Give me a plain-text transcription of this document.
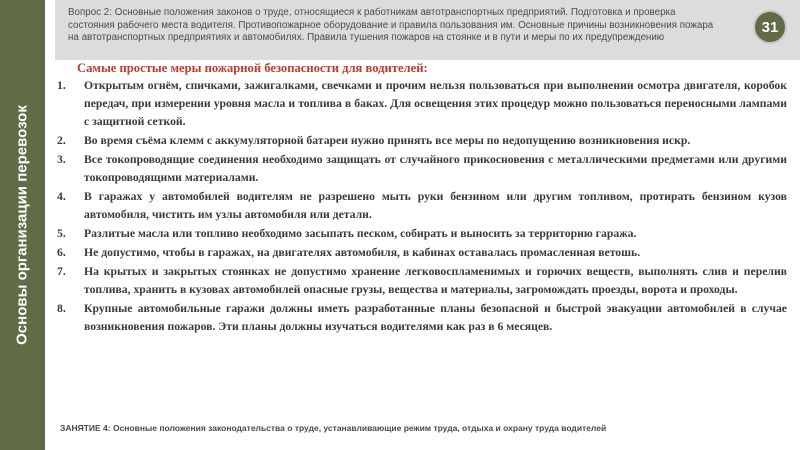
Основы организации перевозок
Вопрос 2: Основные положения законов о труде, относящиеся к работникам автотранспортных предприятий. Подготовка и проверка состояния рабочего места водителя. Противопожарное оборудование и правила пользования им. Основные причины возникновения пожара на автотранспортных предприятиях и автомобилях. Правила тушения пожаров на стоянке и в пути и меры по их предупреждению
31
Самые простые меры пожарной безопасности для водителей:
1. Открытым огнём, спичками, зажигалками, свечками и прочим нельзя пользоваться при выполнении осмотра двигателя, коробок передач, при измерении уровня масла и топлива в баках. Для освещения этих процедур можно пользоваться переносными лампами с защитной сеткой.
2. Во время съёма клемм с аккумуляторной батареи нужно принять все меры по недопущению возникновения искр.
3. Все токопроводящие соединения необходимо защищать от случайного прикосновения с металлическими предметами или другими токопроводящими материалами.
4. В гаражах у автомобилей водителям не разрешено мыть руки бензином или другим топливом, протирать бензином кузов автомобиля, чистить им узлы автомобиля или детали.
5. Разлитые масла или топливо необходимо засыпать песком, собирать и выносить за территорию гаража.
6. Не допустимо, чтобы в гаражах, на двигателях автомобиля, в кабинах оставалась промасленная ветошь.
7. На крытых и закрытых стоянках не допустимо хранение легковоспламенимых и горючих веществ, выполнять слив и перелив топлива, хранить в кузовах автомобилей опасные грузы, вещества и материалы, загромождать проезды, ворота и проходы.
8. Крупные автомобильные гаражи должны иметь разработанные планы безопасной и быстрой эвакуации автомобилей в случае возникновения пожаров. Эти планы должны изучаться водителями как раз в 6 месяцев.
ЗАНЯТИЕ 4: Основные положения законодательства о труде, устанавливающие режим труда, отдыха и охрану труда водителей
